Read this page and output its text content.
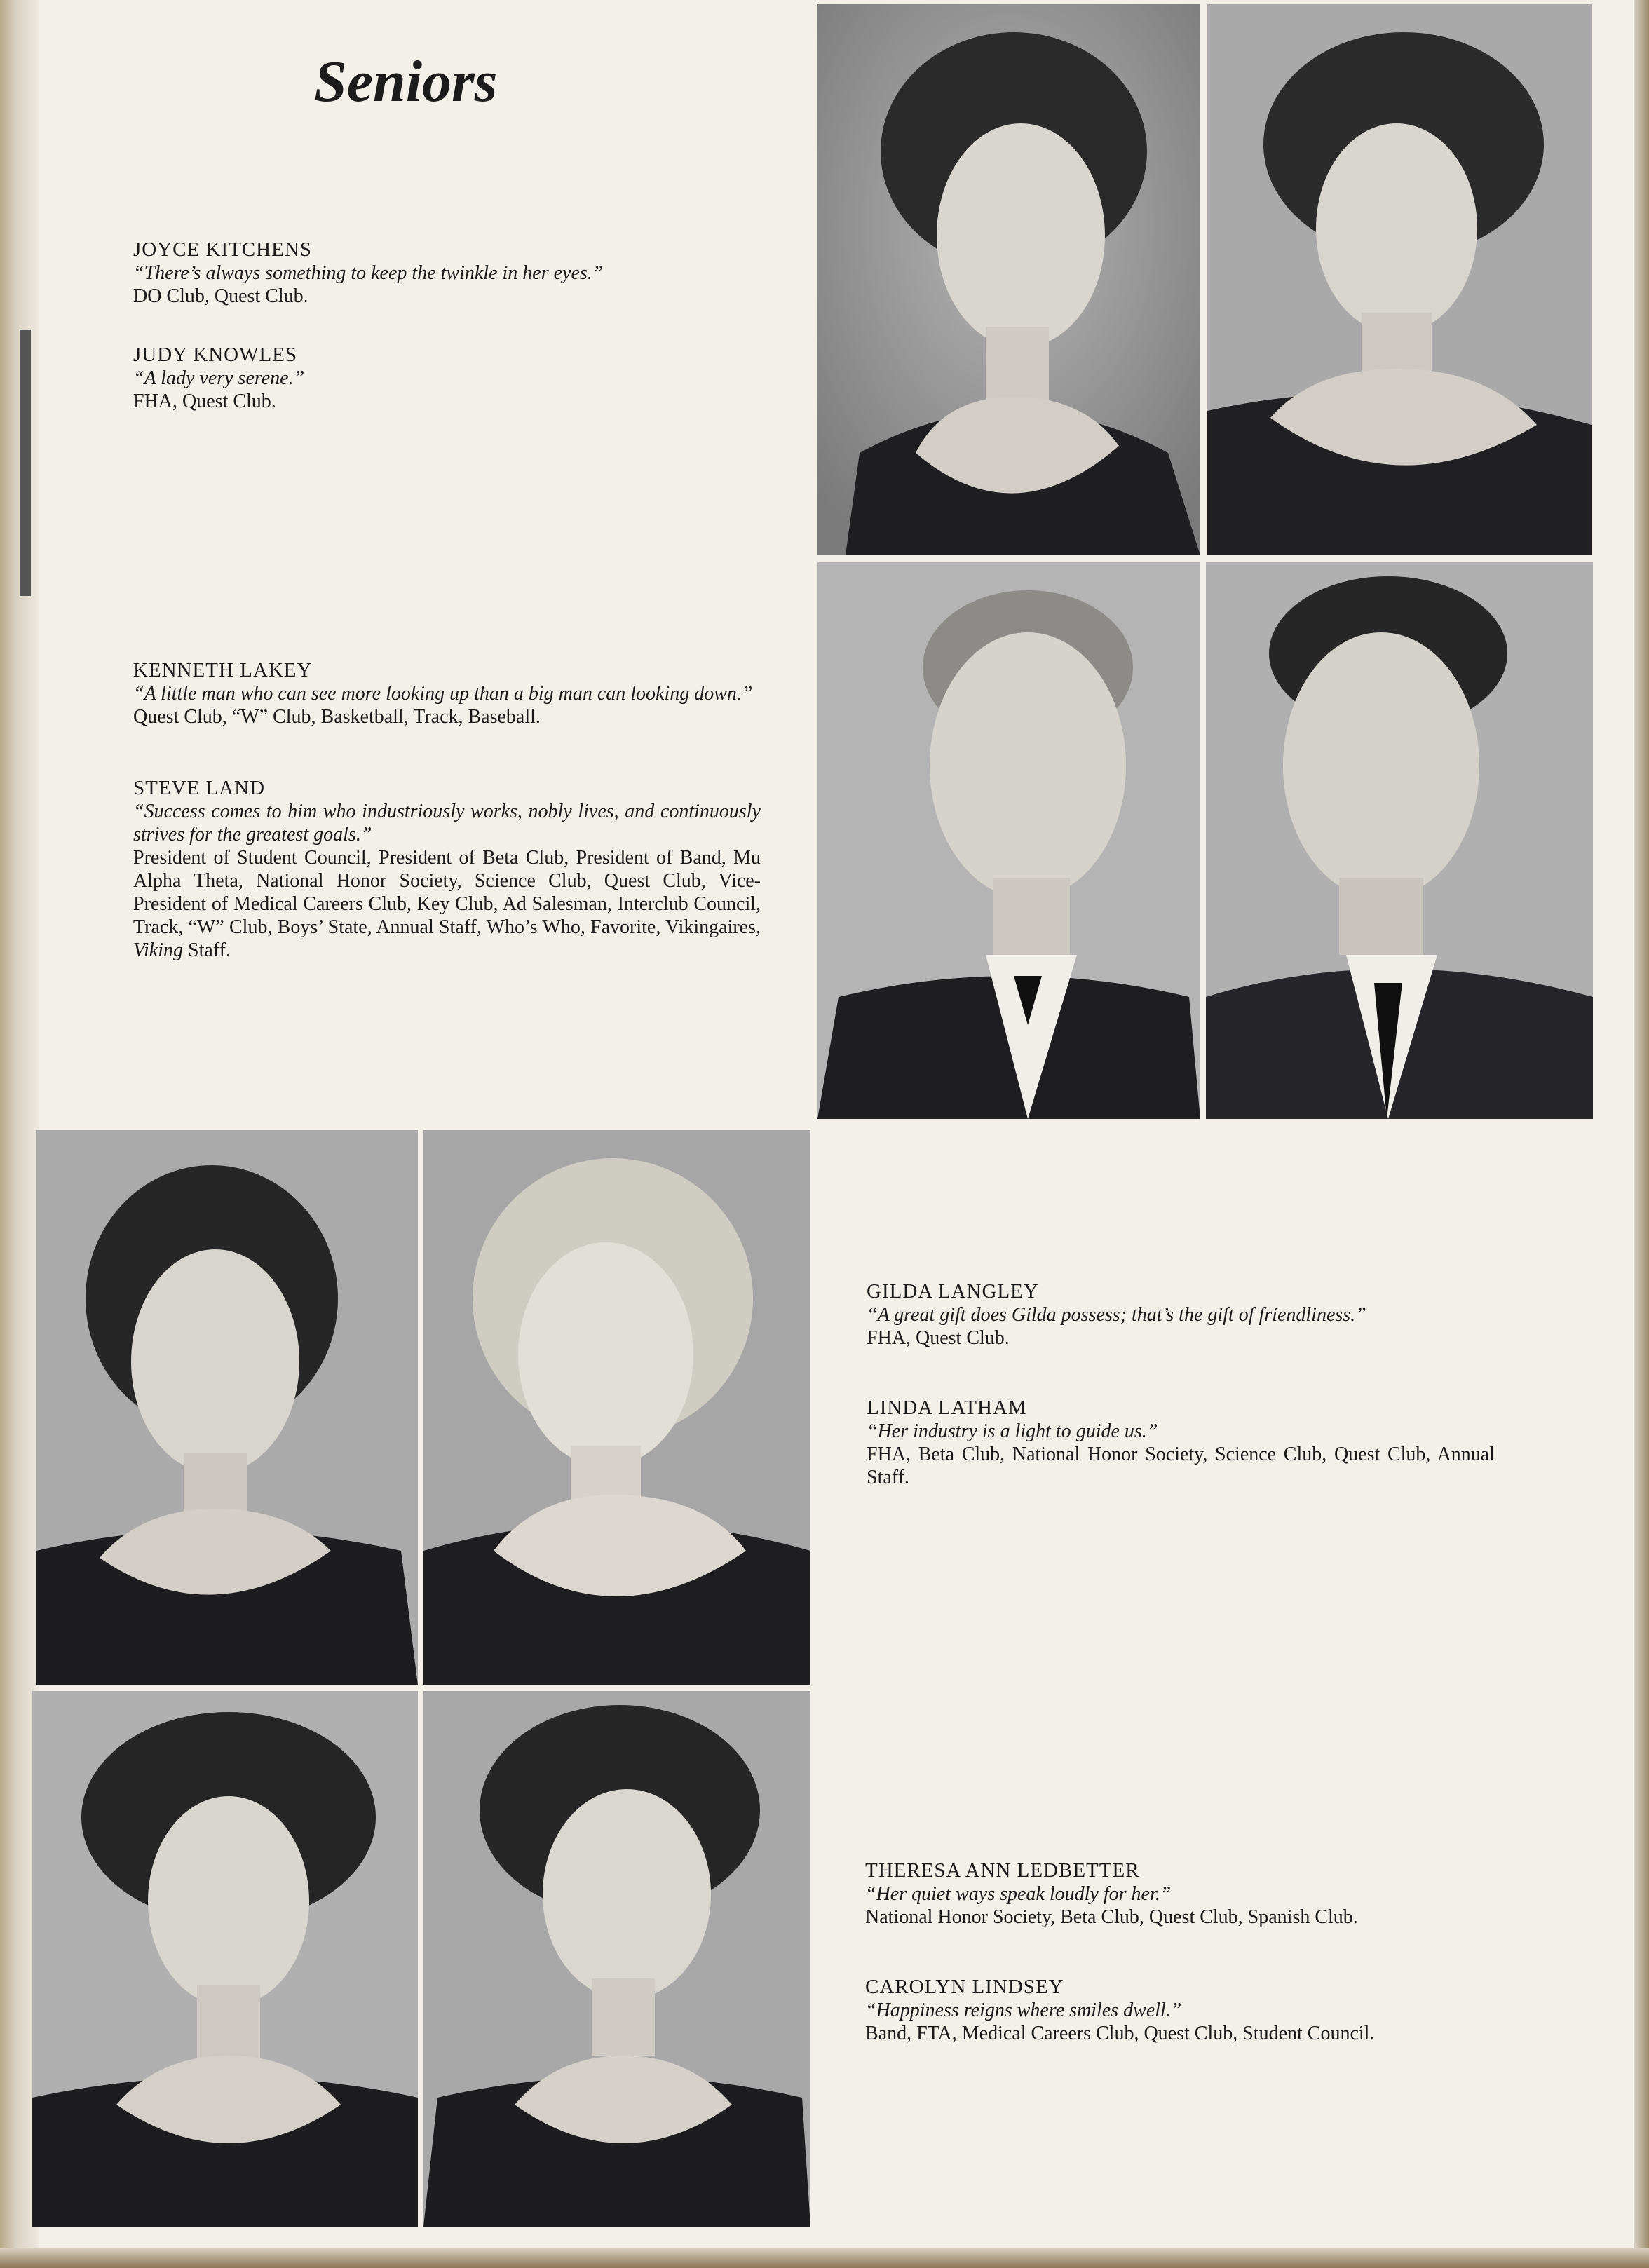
Seniors
JOYCE KITCHENS
“There’s always something to keep the twinkle in her eyes.”
DO Club, Quest Club.
JUDY KNOWLES
“A lady very serene.”
FHA, Quest Club.
KENNETH LAKEY
“A little man who can see more looking up than a big man can looking down.”
Quest Club, “W” Club, Basketball, Track, Baseball.
STEVE LAND
“Success comes to him who industriously works, nobly lives, and continuously strives for the greatest goals.”
President of Student Council, President of Beta Club, President of Band, Mu Alpha Theta, National Honor Society, Science Club, Quest Club, Vice-President of Medical Careers Club, Key Club, Ad Salesman, Interclub Council, Track, “W” Club, Boys’ State, Annual Staff, Who’s Who, Favorite, Vikingaires, Viking Staff.
GILDA LANGLEY
“A great gift does Gilda possess; that’s the gift of friendliness.”
FHA, Quest Club.
LINDA LATHAM
“Her industry is a light to guide us.”
FHA, Beta Club, National Honor Society, Science Club, Quest Club, Annual Staff.
THERESA ANN LEDBETTER
“Her quiet ways speak loudly for her.”
National Honor Society, Beta Club, Quest Club, Spanish Club.
CAROLYN LINDSEY
“Happiness reigns where smiles dwell.”
Band, FTA, Medical Careers Club, Quest Club, Student Council.
